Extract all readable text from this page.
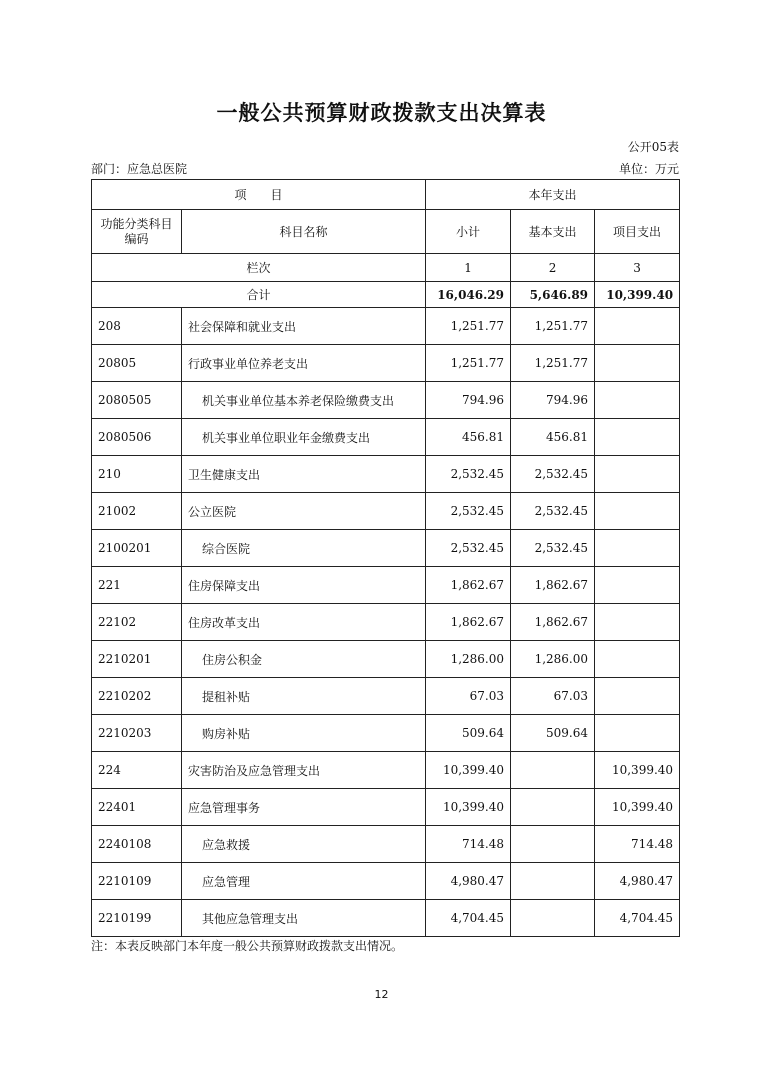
一般公共预算财政拨款支出决算表
公开05表
部门：应急总医院	单位：万元
项　　目		本年支出		
功能分类科目编码	科目名称	小计	基本支出	项目支出
栏次		1	2	3
合计		16,046.29	5,646.89	10,399.40
208	社会保障和就业支出	1,251.77	1,251.77	
20805	行政事业单位养老支出	1,251.77	1,251.77	
2080505	机关事业单位基本养老保险缴费支出	794.96	794.96	
2080506	机关事业单位职业年金缴费支出	456.81	456.81	
210	卫生健康支出	2,532.45	2,532.45	
21002	公立医院	2,532.45	2,532.45	
2100201	综合医院	2,532.45	2,532.45	
221	住房保障支出	1,862.67	1,862.67	
22102	住房改革支出	1,862.67	1,862.67	
2210201	住房公积金	1,286.00	1,286.00	
2210202	提租补贴	67.03	67.03	
2210203	购房补贴	509.64	509.64	
224	灾害防治及应急管理支出	10,399.40		10,399.40
22401	应急管理事务	10,399.40		10,399.40
2240108	应急救援	714.48		714.48
2210109	应急管理	4,980.47		4,980.47
2210199	其他应急管理支出	4,704.45		4,704.45
注：本表反映部门本年度一般公共预算财政拨款支出情况。
12
